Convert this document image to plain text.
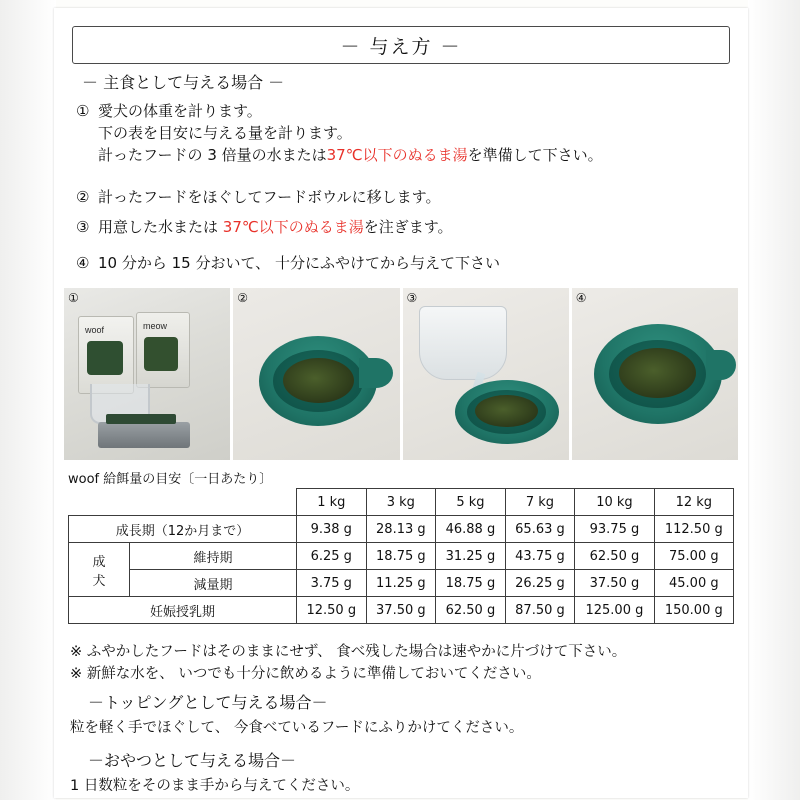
－ 与え方 －
－ 主食として与える場合 －
① 愛犬の体重を計ります。
下の表を目安に与える量を計ります。
計ったフードの 3 倍量の水または37℃以下のぬるま湯を準備して下さい。
② 計ったフードをほぐしてフードボウルに移します。
③ 用意した水または 37℃以下のぬるま湯を注ぎます。
④ 10 分から 15 分おいて、 十分にふやけてから与えて下さい
①
woof	meow
②	③	④
woof 給餌量の目安〔一日あたり〕
		1 kg	3 kg	5 kg	7 kg	10 kg	12 kg
成長期（12か月まで）		9.38 g	28.13 g	46.88 g	65.63 g	93.75 g	112.50 g

成
犬	維持期	6.25 g	18.75 g	31.25 g	43.75 g	62.50 g	75.00 g
	減量期	3.75 g	11.25 g	18.75 g	26.25 g	37.50 g	45.00 g
妊娠授乳期		12.50 g	37.50 g	62.50 g	87.50 g	125.00 g	150.00 g
※ ふやかしたフードはそのままにせず、 食べ残した場合は速やかに片づけて下さい。
※ 新鮮な水を、 いつでも十分に飲めるように準備しておいてください。
－トッピングとして与える場合－
粒を軽く手でほぐして、 今食べているフードにふりかけてください。
－おやつとして与える場合－
1 日数粒をそのまま手から与えてください。
